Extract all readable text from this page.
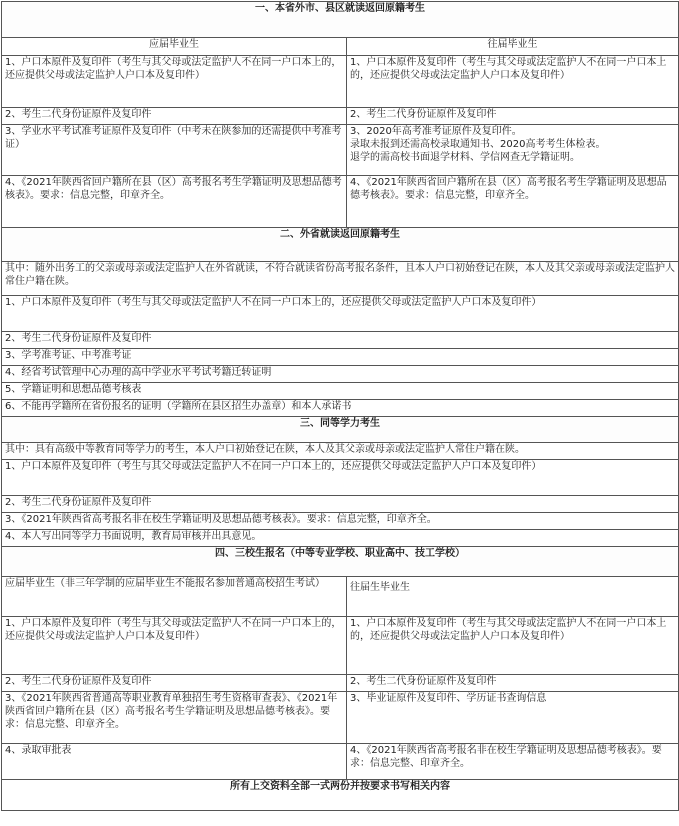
一、本省外市、县区就读返回原籍考生	
应届毕业生	往届毕业生
1、户口本原件及复印件（考生与其父母或法定监护人不在同一户口本上的，还应提供父母或法定监护人户口本及复印件）	1、户口本原件及复印件（考生与其父母或法定监护人不在同一户口本上的，还应提供父母或法定监护人户口本及复印件）
2、考生二代身份证原件及复印件	2、考生二代身份证原件及复印件
3、学业水平考试准考证原件及复印件（中考未在陕参加的还需提供中考准考证）	3、2020年高考准考证原件及复印件。
录取未报到还需高校录取通知书、2020高考考生体检表。
退学的需高校书面退学材料、学信网查无学籍证明。
4、《2021年陕西省回户籍所在县（区）高考报名考生学籍证明及思想品德考核表》。要求：信息完整，印章齐全。	4、《2021年陕西省回户籍所在县（区）高考报名考生学籍证明及思想品德考核表》。要求：信息完整，印章齐全。
二、外省就读返回原籍考生	
其中：随外出务工的父亲或母亲或法定监护人在外省就读，不符合就读省份高考报名条件，且本人户口初始登记在陕，本人及其父亲或母亲或法定监护人常住户籍在陕。	
1、户口本原件及复印件（考生与其父母或法定监护人不在同一户口本上的，还应提供父母或法定监护人户口本及复印件）	
2、考生二代身份证原件及复印件	
3、学考准考证、中考准考证	
4、经省考试管理中心办理的高中学业水平考试考籍迁转证明	
5、学籍证明和思想品德考核表	
6、不能再学籍所在省份报名的证明（学籍所在县区招生办盖章）和本人承诺书	
三、同等学力考生	
其中：具有高级中等教育同等学力的考生，本人户口初始登记在陕，本人及其父亲或母亲或法定监护人常住户籍在陕。	
1、户口本原件及复印件（考生与其父母或法定监护人不在同一户口本上的，还应提供父母或法定监护人户口本及复印件）	
2、考生二代身份证原件及复印件	
3、《2021年陕西省高考报名非在校生学籍证明及思想品德考核表》。要求：信息完整，印章齐全。	
4、本人写出同等学力书面说明，教育局审核并出具意见。	
四、三校生报名（中等专业学校、职业高中、技工学校）	
应届毕业生（非三年学制的应届毕业生不能报名参加普通高校招生考试）	往届生毕业生
1、户口本原件及复印件（考生与其父母或法定监护人不在同一户口本上的，还应提供父母或法定监护人户口本及复印件）	1、户口本原件及复印件（考生与其父母或法定监护人不在同一户口本上的，还应提供父母或法定监护人户口本及复印件）
2、考生二代身份证原件及复印件	2、考生二代身份证原件及复印件
3、《2021年陕西省普通高等职业教育单独招生考生资格审查表》、《2021年陕西省回户籍所在县（区）高考报名考生学籍证明及思想品德考核表》。要求：信息完整、印章齐全。	3、毕业证原件及复印件、学历证书查询信息
4、录取审批表	4、《2021年陕西省高考报名非在校生学籍证明及思想品德考核表》。要求：信息完整、印章齐全。
所有上交资料全部一式两份并按要求书写相关内容	
